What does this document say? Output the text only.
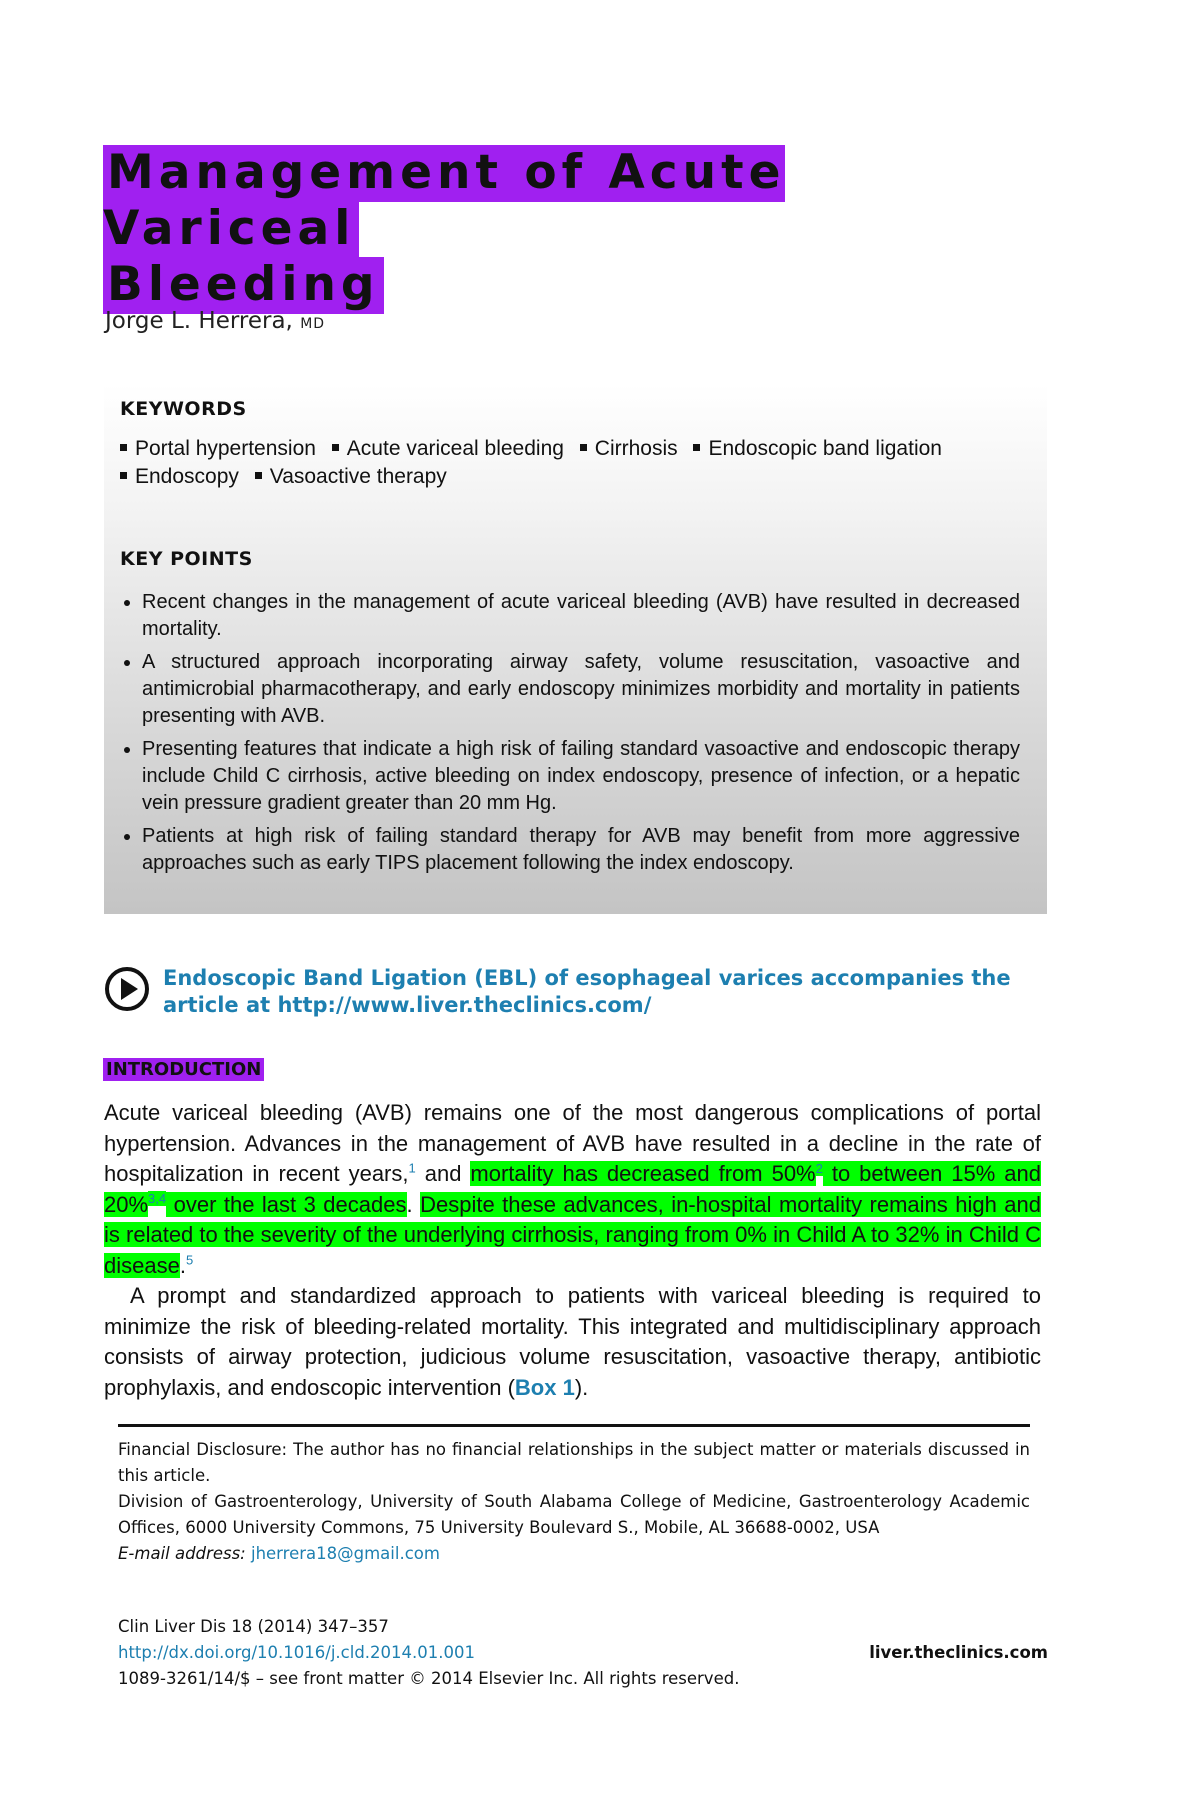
Management of Acute Variceal
Bleeding
Jorge L. Herrera, MD
KEYWORDS
Portal hypertension Acute variceal bleeding Cirrhosis Endoscopic band ligation
Endoscopy Vasoactive therapy
KEY POINTS
Recent changes in the management of acute variceal bleeding (AVB) have resulted in decreased mortality.
A structured approach incorporating airway safety, volume resuscitation, vasoactive and antimicrobial pharmacotherapy, and early endoscopy minimizes morbidity and mortality in patients presenting with AVB.
Presenting features that indicate a high risk of failing standard vasoactive and endoscopic therapy include Child C cirrhosis, active bleeding on index endoscopy, presence of infection, or a hepatic vein pressure gradient greater than 20 mm Hg.
Patients at high risk of failing standard therapy for AVB may benefit from more aggressive approaches such as early TIPS placement following the index endoscopy.
Endoscopic Band Ligation (EBL) of esophageal varices accompanies the article at http://www.liver.theclinics.com/
INTRODUCTION

Acute variceal bleeding (AVB) remains one of the most dangerous complications of portal hypertension. Advances in the management of AVB have resulted in a decline in the rate of hospitalization in recent years,$^1$ and mortality has decreased from 50%$^2$ to between 15% and 20%$^{3,4}$ over the last 3 decades. Despite these advances, in-hospital mortality remains high and is related to the severity of the underlying cirrhosis, ranging from 0% in Child A to 32% in Child C disease.$^5$

A prompt and standardized approach to patients with variceal bleeding is required to minimize the risk of bleeding-related mortality. This integrated and multidisciplinary approach consists of airway protection, judicious volume resuscitation, vasoactive therapy, antibiotic prophylaxis, and endoscopic intervention (Box 1).

Financial Disclosure: The author has no financial relationships in the subject matter or materials discussed in this article.

Division of Gastroenterology, University of South Alabama College of Medicine, Gastroenterology Academic Offices, 6000 University Commons, 75 University Boulevard S., Mobile, AL 36688-0002, USA

E-mail address: jherrera18@gmail.com

Clin Liver Dis 18 (2014) 347–357
http://dx.doi.org/10.1016/j.cld.2014.01.001	liver.theclinics.com
1089-3261/14/$ – see front matter © 2014 Elsevier Inc. All rights reserved.
